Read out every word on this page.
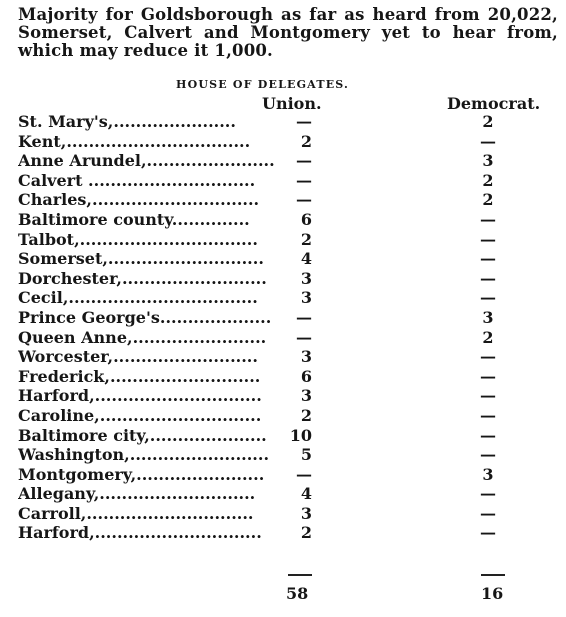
Majority for Goldsborough as far as heard from 20,022, Somerset, Calvert and Montgomery yet to hear from, which may reduce it 1,000.
HOUSE OF DELEGATES.
Union.	Democrat.
St. Mary's,......................	—	2
Kent,.................................	2	—
Anne Arundel,.......................	—	3
Calvert ..............................	—	2
Charles,..............................	—	2
Baltimore county..............	6	—
Talbot,................................	2	—
Somerset,............................	4	—
Dorchester,..........................	3	—
Cecil,..................................	3	—
Prince George's....................	—	3
Queen Anne,........................	—	2
Worcester,..........................	3	—
Frederick,...........................	6	—
Harford,..............................	3	—
Caroline,.............................	2	—
Baltimore city,.....................	10	—
Washington,.........................	5	—
Montgomery,.......................	—	3
Allegany,............................	4	—
Carroll,..............................	3	—
Harford,..............................	2	—
58	16
